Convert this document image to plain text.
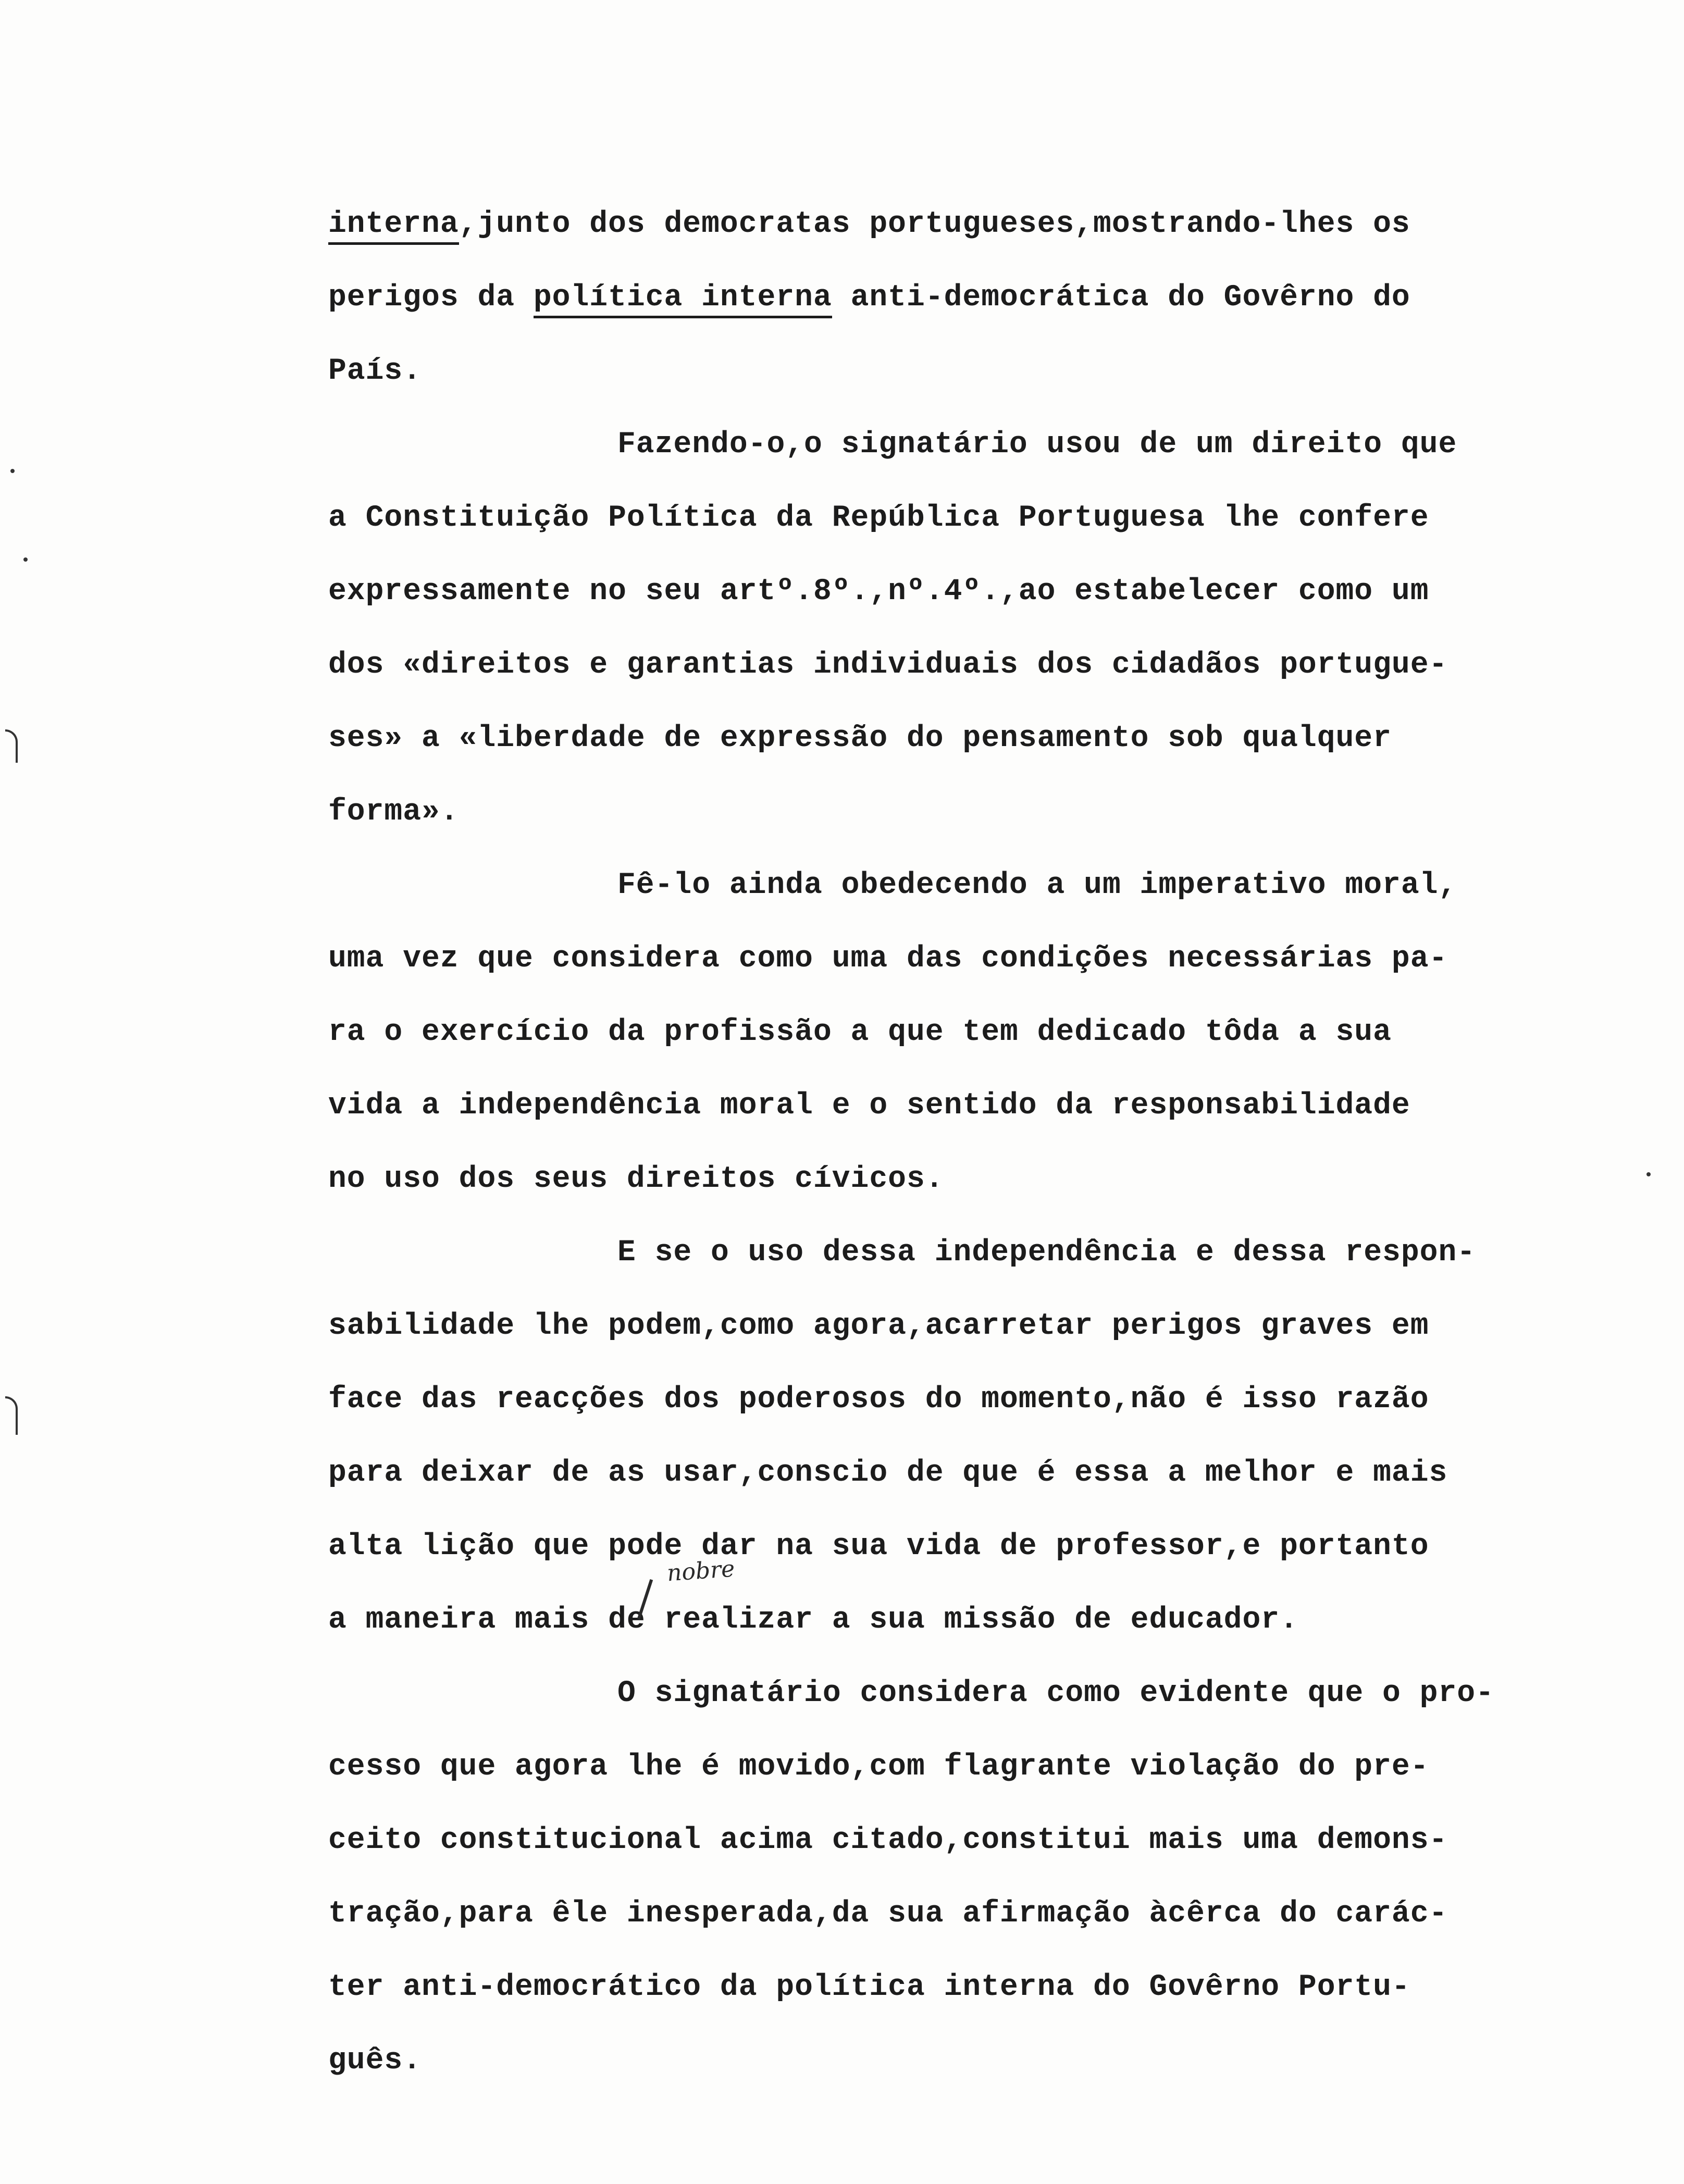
interna,junto dos democratas portugueses,mostrando-lhes os
perigos da política interna anti-democrática do Govêrno do
País.
Fazendo-o,o signatário usou de um direito que
a Constituição Política da República Portuguesa lhe confere
expressamente no seu artº.8º.,nº.4º.,ao estabelecer como um
dos «direitos e garantias individuais dos cidadãos portugue-
ses» a «liberdade de expressão do pensamento sob qualquer
forma».
Fê-lo ainda obedecendo a um imperativo moral,
uma vez que considera como uma das condições necessárias pa-
ra o exercício da profissão a que tem dedicado tôda a sua
vida a independência moral e o sentido da responsabilidade
no uso dos seus direitos cívicos.
E se o uso dessa independência e dessa respon-
sabilidade lhe podem,como agora,acarretar perigos graves em
face das reacções dos poderosos do momento,não é isso razão
para deixar de as usar,conscio de que é essa a melhor e mais
alta lição que pode dar na sua vida de professor,e portanto
a maneira mais de realizar a sua missão de educador.
O signatário considera como evidente que o pro-
cesso que agora lhe é movido,com flagrante violação do pre-
ceito constitucional acima citado,constitui mais uma demons-
tração,para êle inesperada,da sua afirmação àcêrca do carác-
ter anti-democrático da política interna do Govêrno Portu-
guês.
nobre
